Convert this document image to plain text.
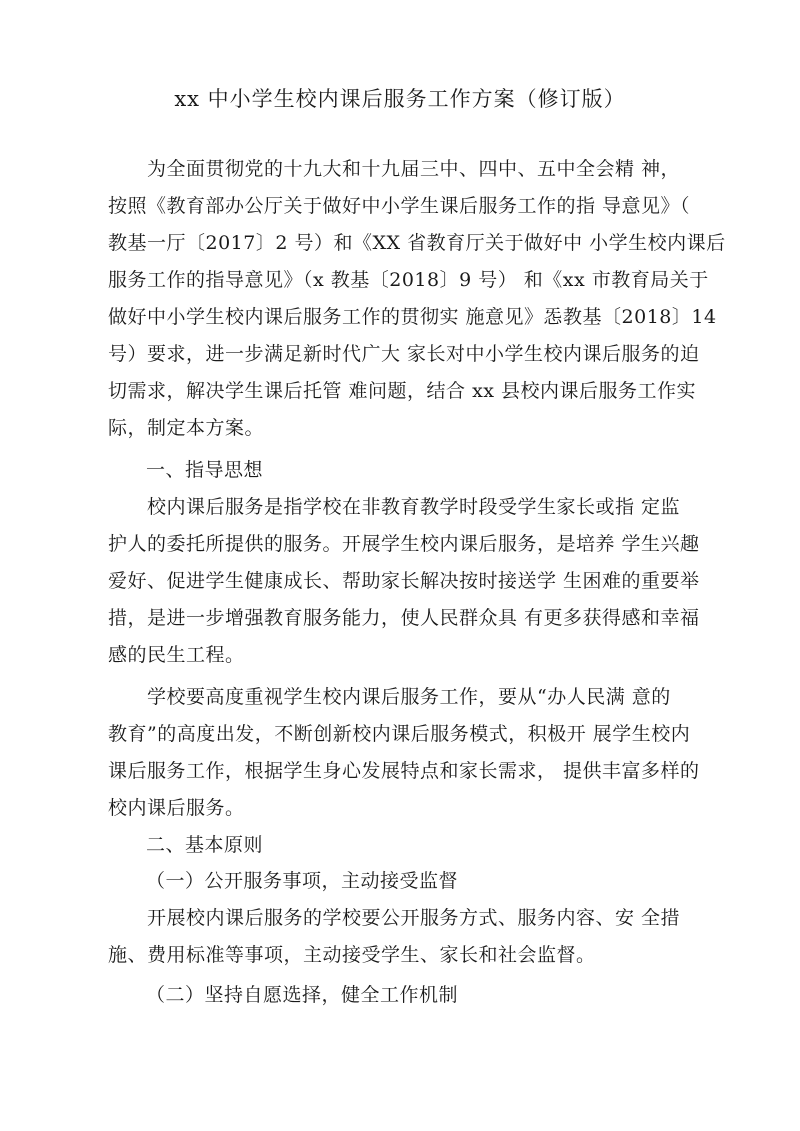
xx 中小学生校内课后服务工作方案（修订版）
　　为全面贯彻党的十九大和十九届三中、四中、五中全会精 神，
按照《教育部办公厅关于做好中小学生课后服务工作的指 导意见》（
教基一厅〔2017〕2 号）和《XX 省教育厅关于做好中 小学生校内课后
服务工作的指导意见》（x 教基〔2018〕9 号） 和《xx 市教育局关于
做好中小学生校内课后服务工作的贯彻实 施意见》㤅教基〔2018〕14
号）要求，进一步满足新时代广大 家长对中小学生校内课后服务的迫
切需求，解决学生课后托管 难问题，结合 xx 县校内课后服务工作实
际，制定本方案。
一、指导思想
　　校内课后服务是指学校在非教育教学时段受学生家长或指 定监
护人的委托所提供的服务。开展学生校内课后服务，是培养 学生兴趣
爱好、促进学生健康成长、帮助家长解决按时接送学 生困难的重要举
措，是进一步增强教育服务能力，使人民群众具 有更多获得感和幸福
感的民生工程。
　　学校要高度重视学生校内课后服务工作，要从“办人民满 意的
教育”的高度出发，不断创新校内课后服务模式，积极开 展学生校内
课后服务工作，根据学生身心发展特点和家长需求， 提供丰富多样的
校内课后服务。
二、基本原则
（一）公开服务事项，主动接受监督
　　开展校内课后服务的学校要公开服务方式、服务内容、安 全措
施、费用标准等事项，主动接受学生、家长和社会监督。
（二）坚持自愿选择，健全工作机制
